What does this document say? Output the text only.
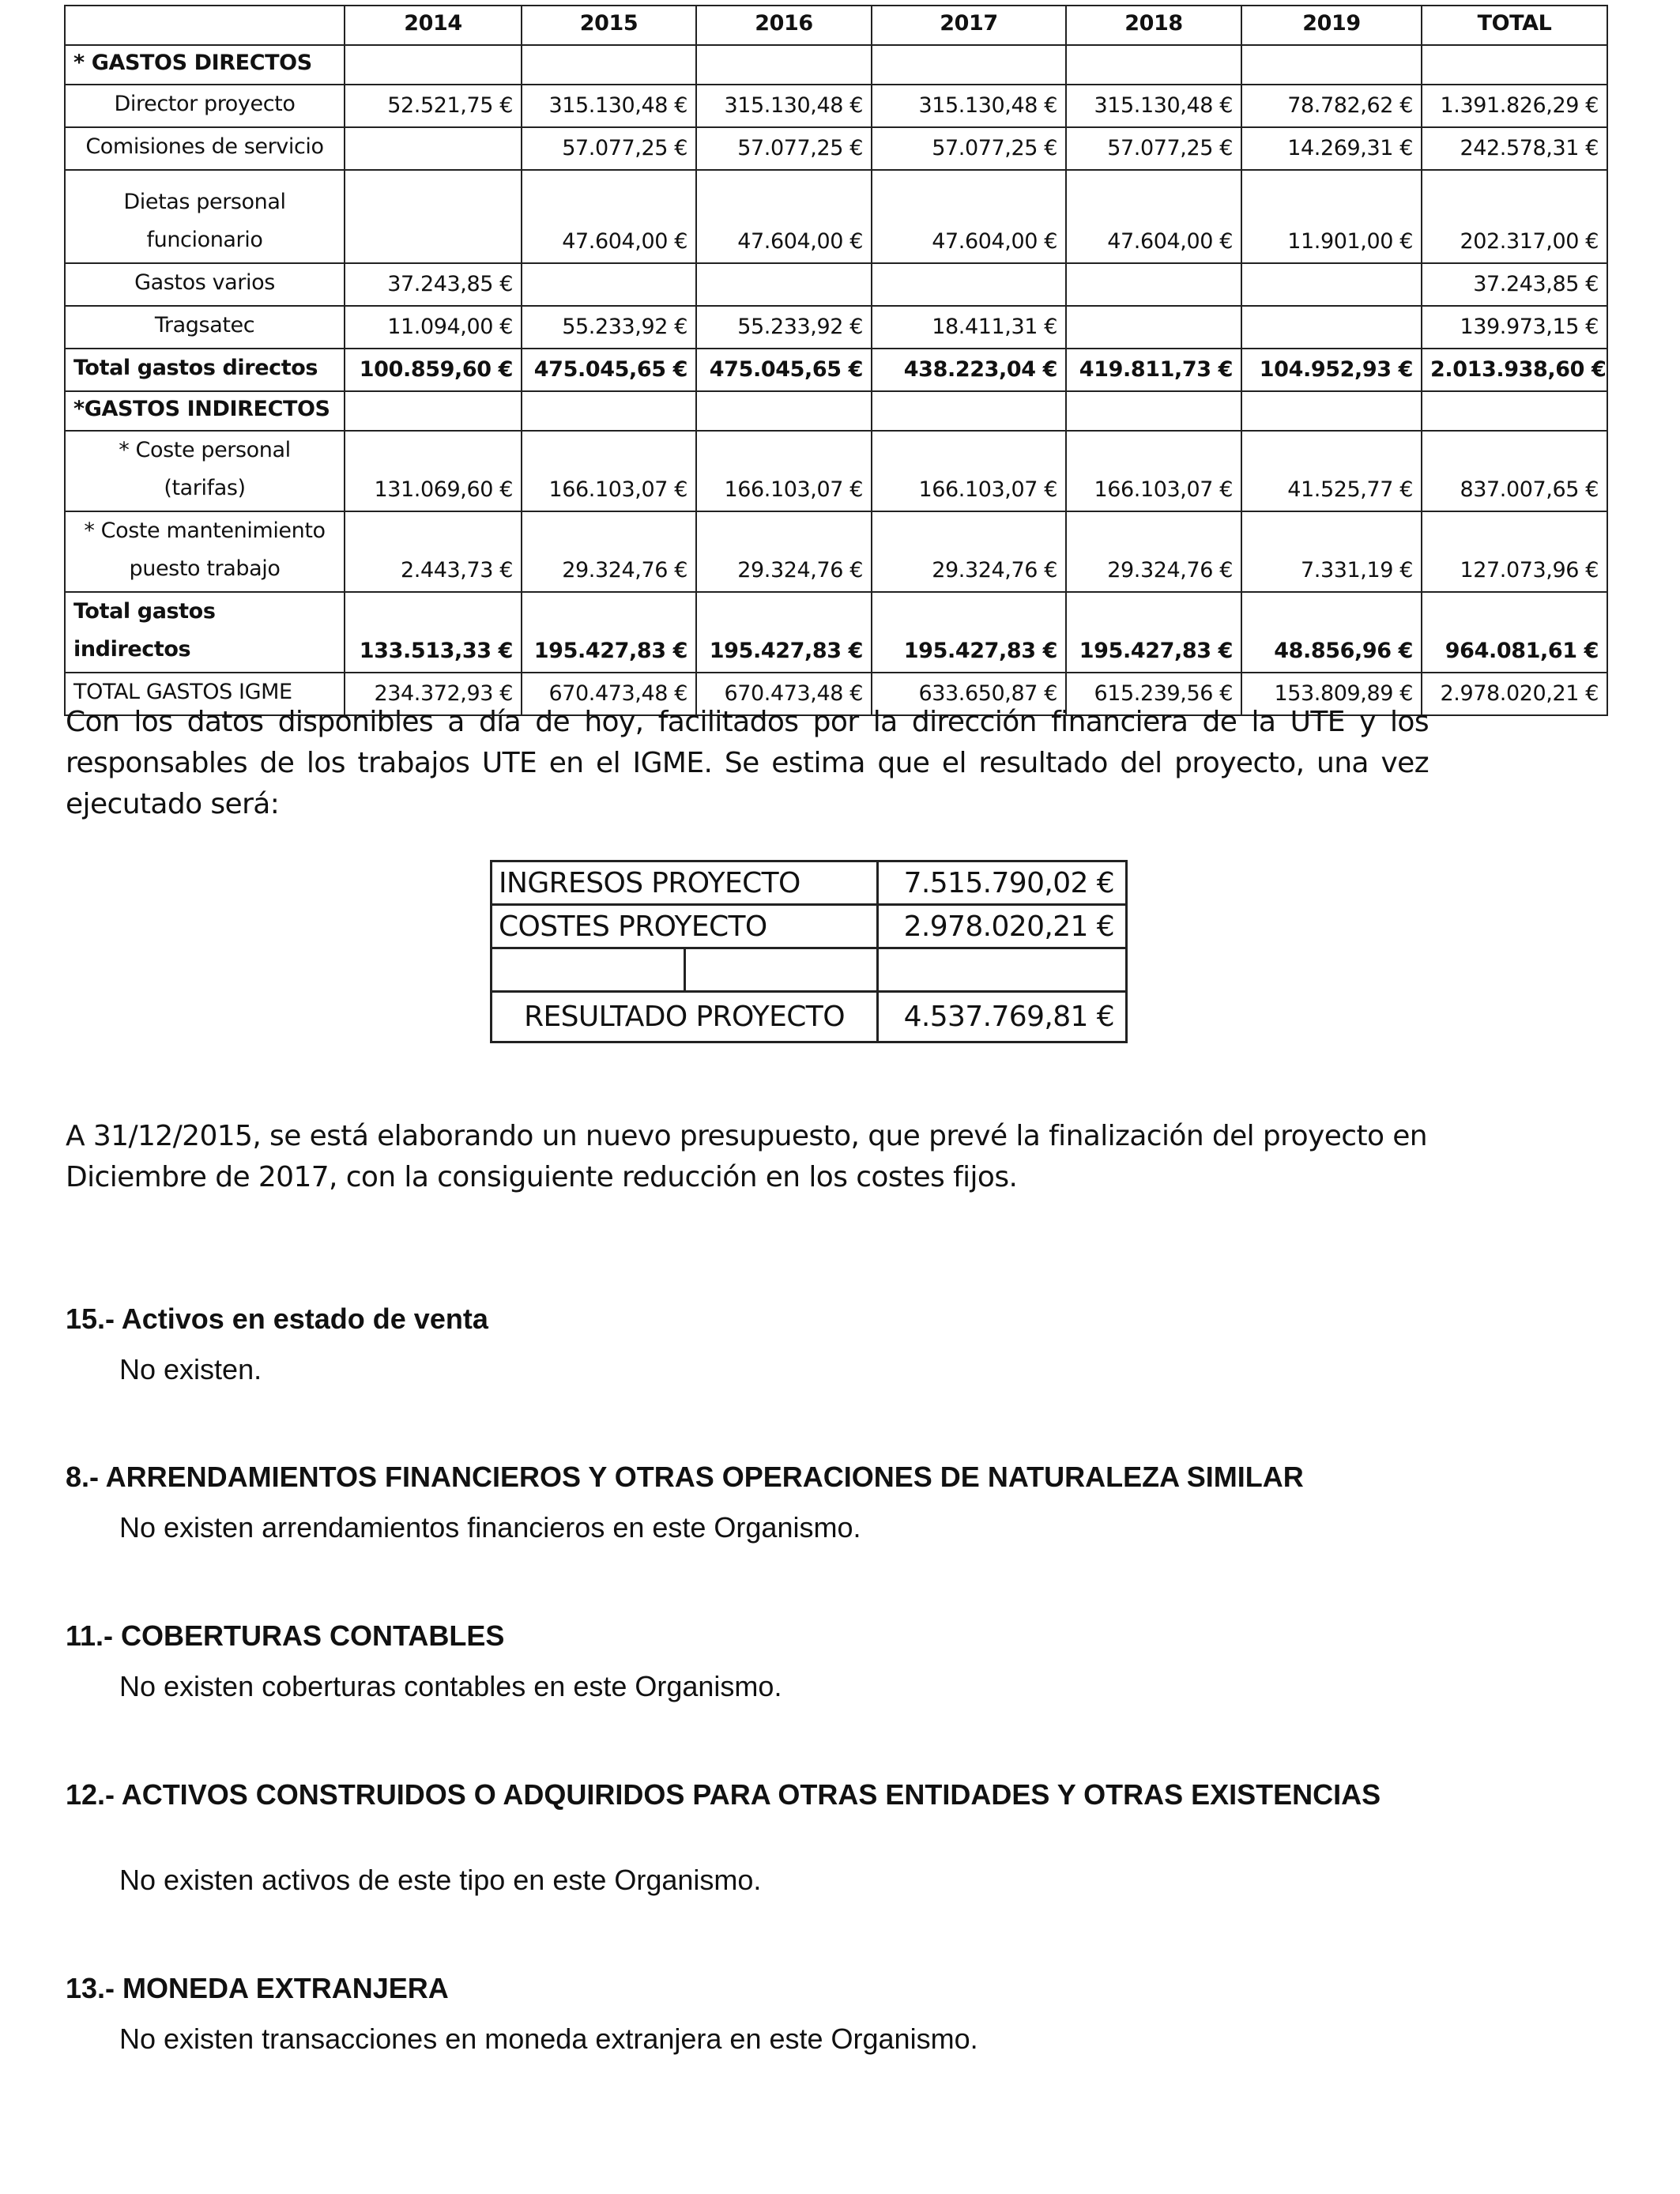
	2014	2015	2016	2017	2018	2019	TOTAL
* GASTOS DIRECTOS							
Director proyecto	52.521,75 €	315.130,48 €	315.130,48 €	315.130,48 €	315.130,48 €	78.782,62 €	1.391.826,29 €
Comisiones de servicio		57.077,25 €	57.077,25 €	57.077,25 €	57.077,25 €	14.269,31 €	242.578,31 €
Dietas personal funcionario		47.604,00 €	47.604,00 €	47.604,00 €	47.604,00 €	11.901,00 €	202.317,00 €
Gastos varios	37.243,85 €						37.243,85 €
Tragsatec	11.094,00 €	55.233,92 €	55.233,92 €	18.411,31 €			139.973,15 €
Total gastos directos	100.859,60 €	475.045,65 €	475.045,65 €	438.223,04 €	419.811,73 €	104.952,93 €	2.013.938,60 €
*GASTOS INDIRECTOS							
* Coste personal (tarifas)	131.069,60 €	166.103,07 €	166.103,07 €	166.103,07 €	166.103,07 €	41.525,77 €	837.007,65 €
* Coste mantenimiento puesto trabajo	2.443,73 €	29.324,76 €	29.324,76 €	29.324,76 €	29.324,76 €	7.331,19 €	127.073,96 €
Total gastos indirectos	133.513,33 €	195.427,83 €	195.427,83 €	195.427,83 €	195.427,83 €	48.856,96 €	964.081,61 €
TOTAL GASTOS IGME	234.372,93 €	670.473,48 €	670.473,48 €	633.650,87 €	615.239,56 €	153.809,89 €	2.978.020,21 €

Con los datos disponibles a día de hoy, facilitados por la dirección financiera de la UTE y los responsables de los trabajos UTE en el IGME. Se estima que el resultado del proyecto, una vez ejecutado será:

INGRESOS PROYECTO		7.515.790,02 €
COSTES PROYECTO		2.978.020,21 €

RESULTADO PROYECTO		4.537.769,81 €

A 31/12/2015, se está elaborando un nuevo presupuesto, que prevé la finalización del proyecto en Diciembre de 2017, con la consiguiente reducción en los costes fijos.

15.- Activos en estado de venta

No existen.

8.- ARRENDAMIENTOS FINANCIEROS Y OTRAS OPERACIONES DE NATURALEZA SIMILAR

No existen arrendamientos financieros en este Organismo.

11.- COBERTURAS CONTABLES

No existen coberturas contables en este Organismo.

12.- ACTIVOS CONSTRUIDOS O ADQUIRIDOS PARA OTRAS ENTIDADES Y OTRAS EXISTENCIAS

No existen activos de este tipo en este Organismo.

13.- MONEDA EXTRANJERA

No existen transacciones en moneda extranjera en este Organismo.
